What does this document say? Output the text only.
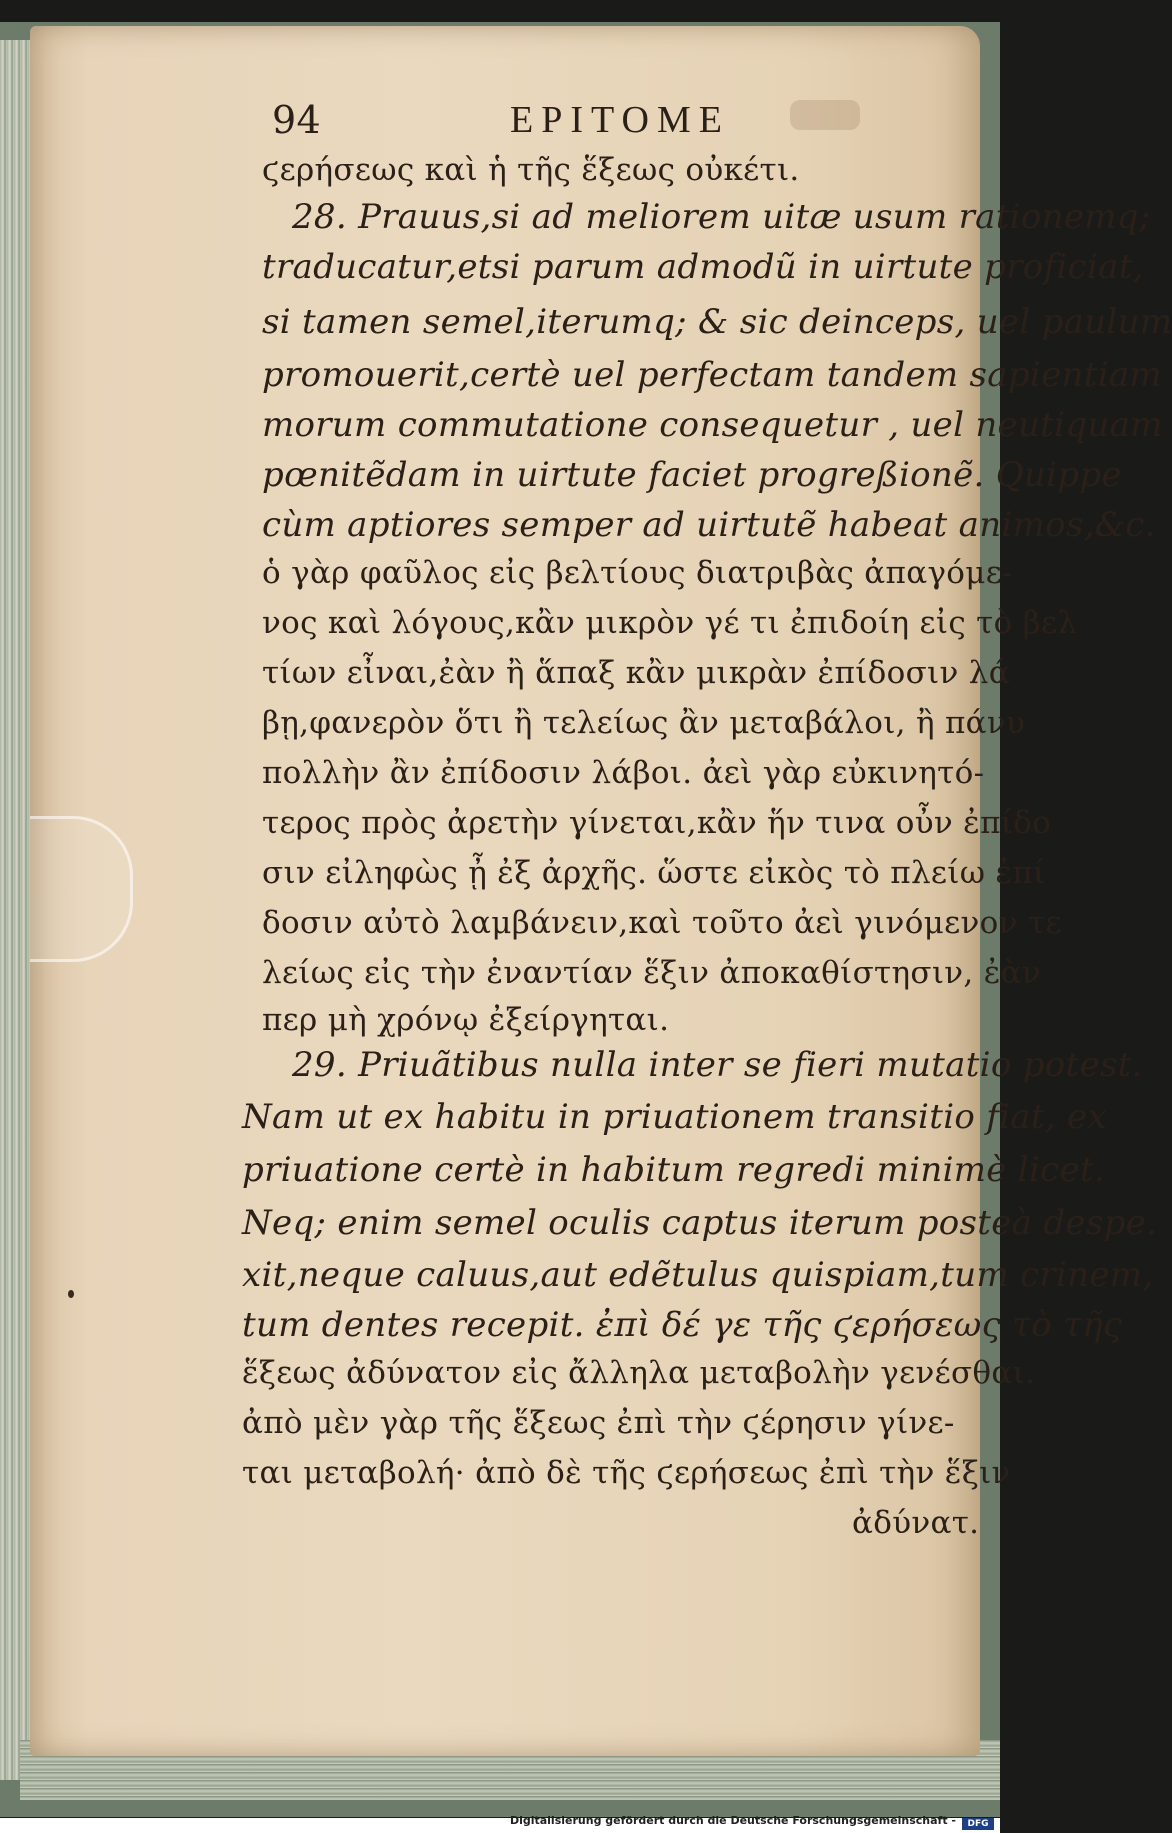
94	EPITOME
ϛερήσεως καὶ ἡ τῆς ἕξεως οὐκέτι.
28. Prauus,si ad meliorem uitæ usum rationemq;
traducatur,etsi parum admodũ in uirtute proficiat,
si tamen semel,iterumq; & sic deinceps, uel paulum
promouerit,certè uel perfectam tandem sapientiam
morum commutatione consequetur , uel neutiquam
pœnitẽdam in uirtute faciet progreßionẽ. Quippe
cùm aptiores semper ad uirtutẽ habeat animos,&c.
ὁ γὰρ φαῦλος εἰς βελτίους διατριβὰς ἀπαγόμε-
νος καὶ λόγους,κἂν μικρὸν γέ τι ἐπιδοίη εἰς τὸ βελ
τίων εἶναι,ἐὰν ἢ ἅπαξ κἂν μικρὰν ἐπίδοσιν λά
βῃ,φανερὸν ὅτι ἢ τελείως ἂν μεταβάλοι, ἢ πάνυ
πολλὴν ἂν ἐπίδοσιν λάβοι. ἀεὶ γὰρ εὐκινητό-
τερος πρὸς ἀρετὴν γίνεται,κἂν ἥν τινα οὖν ἐπίδο
σιν εἰληφὼς ᾖ ἐξ ἀρχῆς. ὥστε εἰκὸς τὸ πλείω ἐπί
δοσιν αὐτὸ λαμβάνειν,καὶ τοῦτο ἀεὶ γινόμενον τε
λείως εἰς τὴν ἐναντίαν ἕξιν ἀποκαθίστησιν, ἐὰν
περ μὴ χρόνῳ ἐξείργηται.
29. Priuãtibus nulla inter se fieri mutatio potest.
Nam ut ex habitu in priuationem transitio fiat, ex
priuatione certè in habitum regredi minimè licet.
Neq; enim semel oculis captus iterum posteà despe.
xit,neque caluus,aut edẽtulus quispiam,tum crinem,
tum dentes recepit. ἐπὶ δέ γε τῆς ϛερήσεως τὸ τῆς
ἕξεως ἀδύνατον εἰς ἄλληλα μεταβολὴν γενέσθαι.
ἀπὸ μὲν γὰρ τῆς ἕξεως ἐπὶ τὴν ϛέρησιν γίνε-
ται μεταβολή· ἀπὸ δὲ τῆς ϛερήσεως ἐπὶ τὴν ἕξιν
ἀδύνατ.
Digitalisierung gefördert durch die Deutsche Forschungsgemeinschaft -	DFG
